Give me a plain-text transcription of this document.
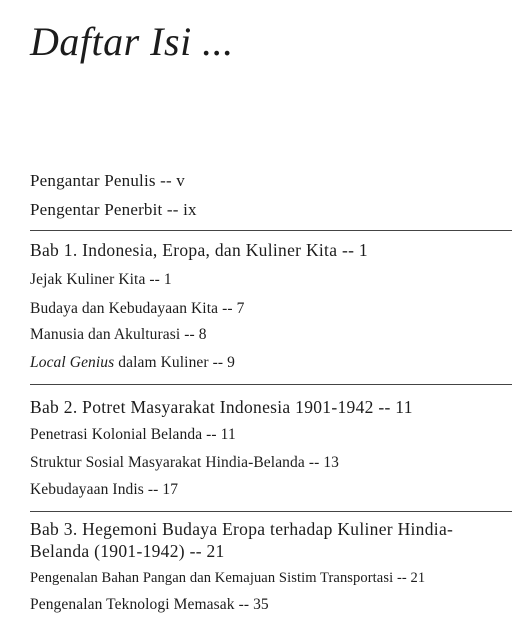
Daftar Isi ...
Pengantar Penulis -- v
Pengentar Penerbit -- ix
Bab 1. Indonesia, Eropa, dan Kuliner Kita -- 1
Jejak Kuliner Kita -- 1
Budaya dan Kebudayaan Kita -- 7
Manusia dan Akulturasi -- 8
Local Genius dalam Kuliner -- 9
Bab 2. Potret Masyarakat Indonesia 1901-1942 -- 11
Penetrasi Kolonial Belanda -- 11
Struktur Sosial Masyarakat Hindia-Belanda -- 13
Kebudayaan Indis -- 17
Bab 3. Hegemoni Budaya Eropa terhadap Kuliner Hindia-
Belanda (1901-1942) -- 21
Pengenalan Bahan Pangan dan Kemajuan Sistim Transportasi -- 21
Pengenalan Teknologi Memasak -- 35
